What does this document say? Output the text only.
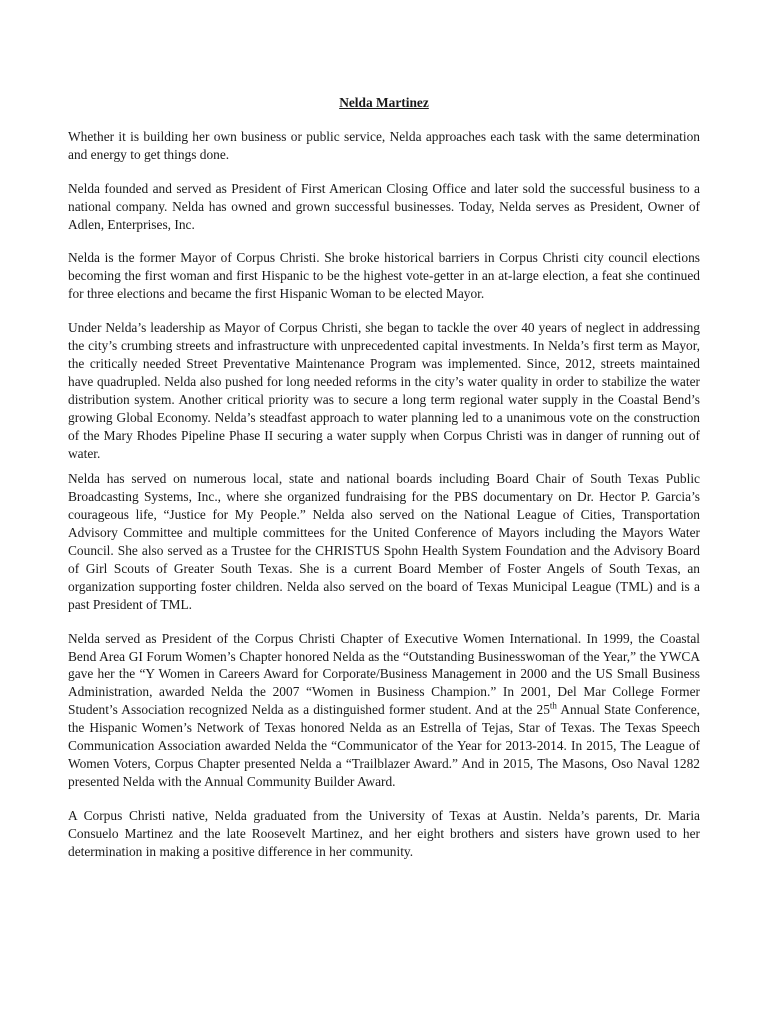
Nelda Martinez

Whether it is building her own business or public service, Nelda approaches each task with the same determination and energy to get things done.

Nelda founded and served as President of First American Closing Office and later sold the successful business to a national company. Nelda has owned and grown successful businesses. Today, Nelda serves as President, Owner of Adlen, Enterprises, Inc.

Nelda is the former Mayor of Corpus Christi. She broke historical barriers in Corpus Christi city council elections becoming the first woman and first Hispanic to be the highest vote-getter in an at-large election, a feat she continued for three elections and became the first Hispanic Woman to be elected Mayor.

Under Nelda’s leadership as Mayor of Corpus Christi, she began to tackle the over 40 years of neglect in addressing the city’s crumbing streets and infrastructure with unprecedented capital investments. In Nelda’s first term as Mayor, the critically needed Street Preventative Maintenance Program was implemented. Since, 2012, streets maintained have quadrupled. Nelda also pushed for long needed reforms in the city’s water quality in order to stabilize the water distribution system. Another critical priority was to secure a long term regional water supply in the Coastal Bend’s growing Global Economy. Nelda’s steadfast approach to water planning led to a unanimous vote on the construction of the Mary Rhodes Pipeline Phase II securing a water supply when Corpus Christi was in danger of running out of water.

Nelda has served on numerous local, state and national boards including Board Chair of South Texas Public Broadcasting Systems, Inc., where she organized fundraising for the PBS documentary on Dr. Hector P. Garcia’s courageous life, “Justice for My People.” Nelda also served on the National League of Cities, Transportation Advisory Committee and multiple committees for the United Conference of Mayors including the Mayors Water Council. She also served as a Trustee for the CHRISTUS Spohn Health System Foundation and the Advisory Board of Girl Scouts of Greater South Texas. She is a current Board Member of Foster Angels of South Texas, an organization supporting foster children. Nelda also served on the board of Texas Municipal League (TML) and is a past President of TML.

Nelda served as President of the Corpus Christi Chapter of Executive Women International. In 1999, the Coastal Bend Area GI Forum Women’s Chapter honored Nelda as the “Outstanding Businesswoman of the Year,” the YWCA gave her the “Y Women in Careers Award for Corporate/Business Management in 2000 and the US Small Business Administration, awarded Nelda the 2007 “Women in Business Champion.” In 2001, Del Mar College Former Student’s Association recognized Nelda as a distinguished former student. And at the 25th Annual State Conference, the Hispanic Women’s Network of Texas honored Nelda as an Estrella of Tejas, Star of Texas. The Texas Speech Communication Association awarded Nelda the “Communicator of the Year for 2013-2014. In 2015, The League of Women Voters, Corpus Chapter presented Nelda a “Trailblazer Award.” And in 2015, The Masons, Oso Naval 1282 presented Nelda with the Annual Community Builder Award.

A Corpus Christi native, Nelda graduated from the University of Texas at Austin. Nelda’s parents, Dr. Maria Consuelo Martinez and the late Roosevelt Martinez, and her eight brothers and sisters have grown used to her determination in making a positive difference in her community.
